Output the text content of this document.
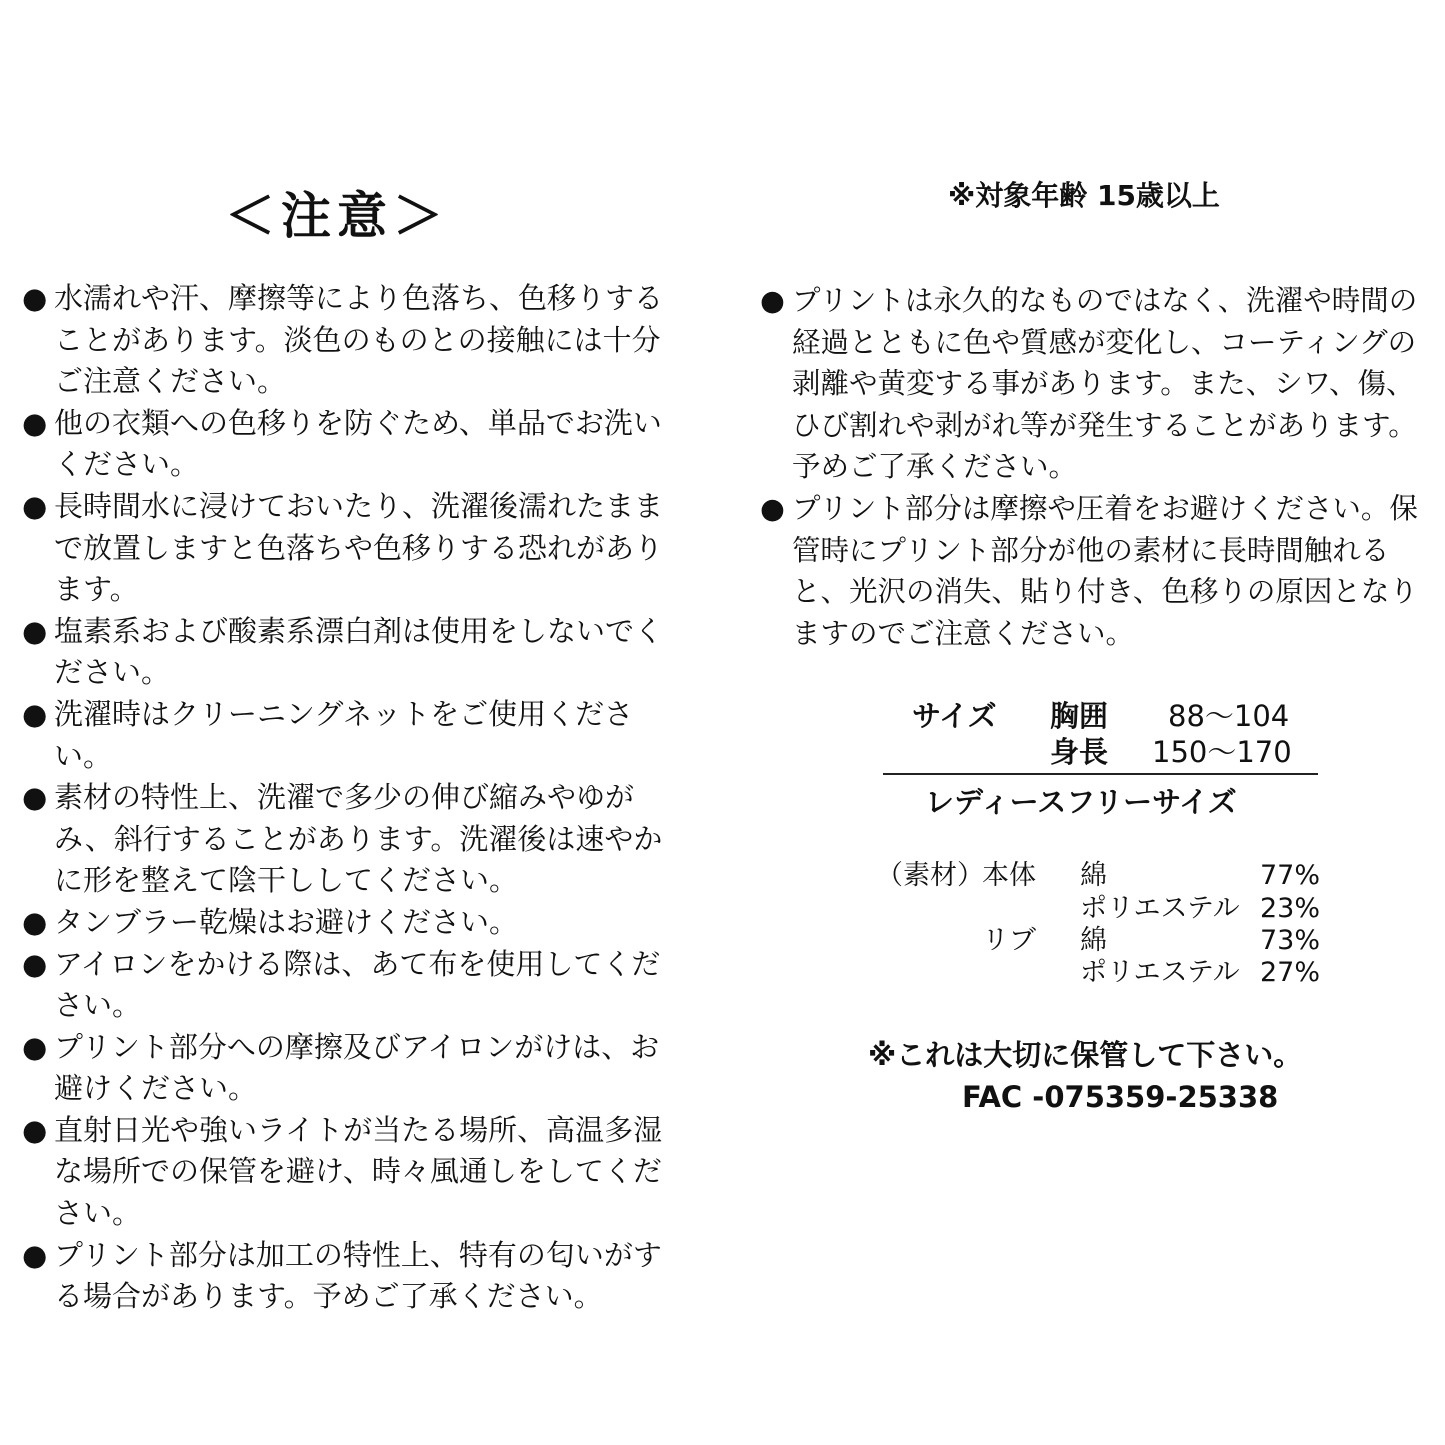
＜注意＞
● 水濡れや汗、摩擦等により色落ち、色移りすることがあります。淡色のものとの接触には十分ご注意ください。
● 他の衣類への色移りを防ぐため、単品でお洗いください。
● 長時間水に浸けておいたり、洗濯後濡れたままで放置しますと色落ちや色移りする恐れがあります。
● 塩素系および酸素系漂白剤は使用をしないでください。
● 洗濯時はクリーニングネットをご使用ください。
● 素材の特性上、洗濯で多少の伸び縮みやゆがみ、斜行することがあります。洗濯後は速やかに形を整えて陰干ししてください。
● タンブラー乾燥はお避けください。
● アイロンをかける際は、あて布を使用してください。
● プリント部分への摩擦及びアイロンがけは、お避けください。
● 直射日光や強いライトが当たる場所、高温多湿な場所での保管を避け、時々風通しをしてください。
● プリント部分は加工の特性上、特有の匂いがする場合があります。予めご了承ください。
※対象年齢 15歳以上
● プリントは永久的なものではなく、洗濯や時間の経過とともに色や質感が変化し、コーティングの剥離や黄変する事があります。また、シワ、傷、ひび割れや剥がれ等が発生することがあります。予めご了承ください。
● プリント部分は摩擦や圧着をお避けください。保管時にプリント部分が他の素材に長時間触れると、光沢の消失、貼り付き、色移りの原因となりますのでご注意ください。
サイズ 胸囲 88～104
身長 150～170
レディースフリーサイズ
（素材）
本体 綿	77%
ポリエステル 23%
リブ 綿	73%
ポリエステル 27%
※これは大切に保管して下さい。
FAC -075359-25338
